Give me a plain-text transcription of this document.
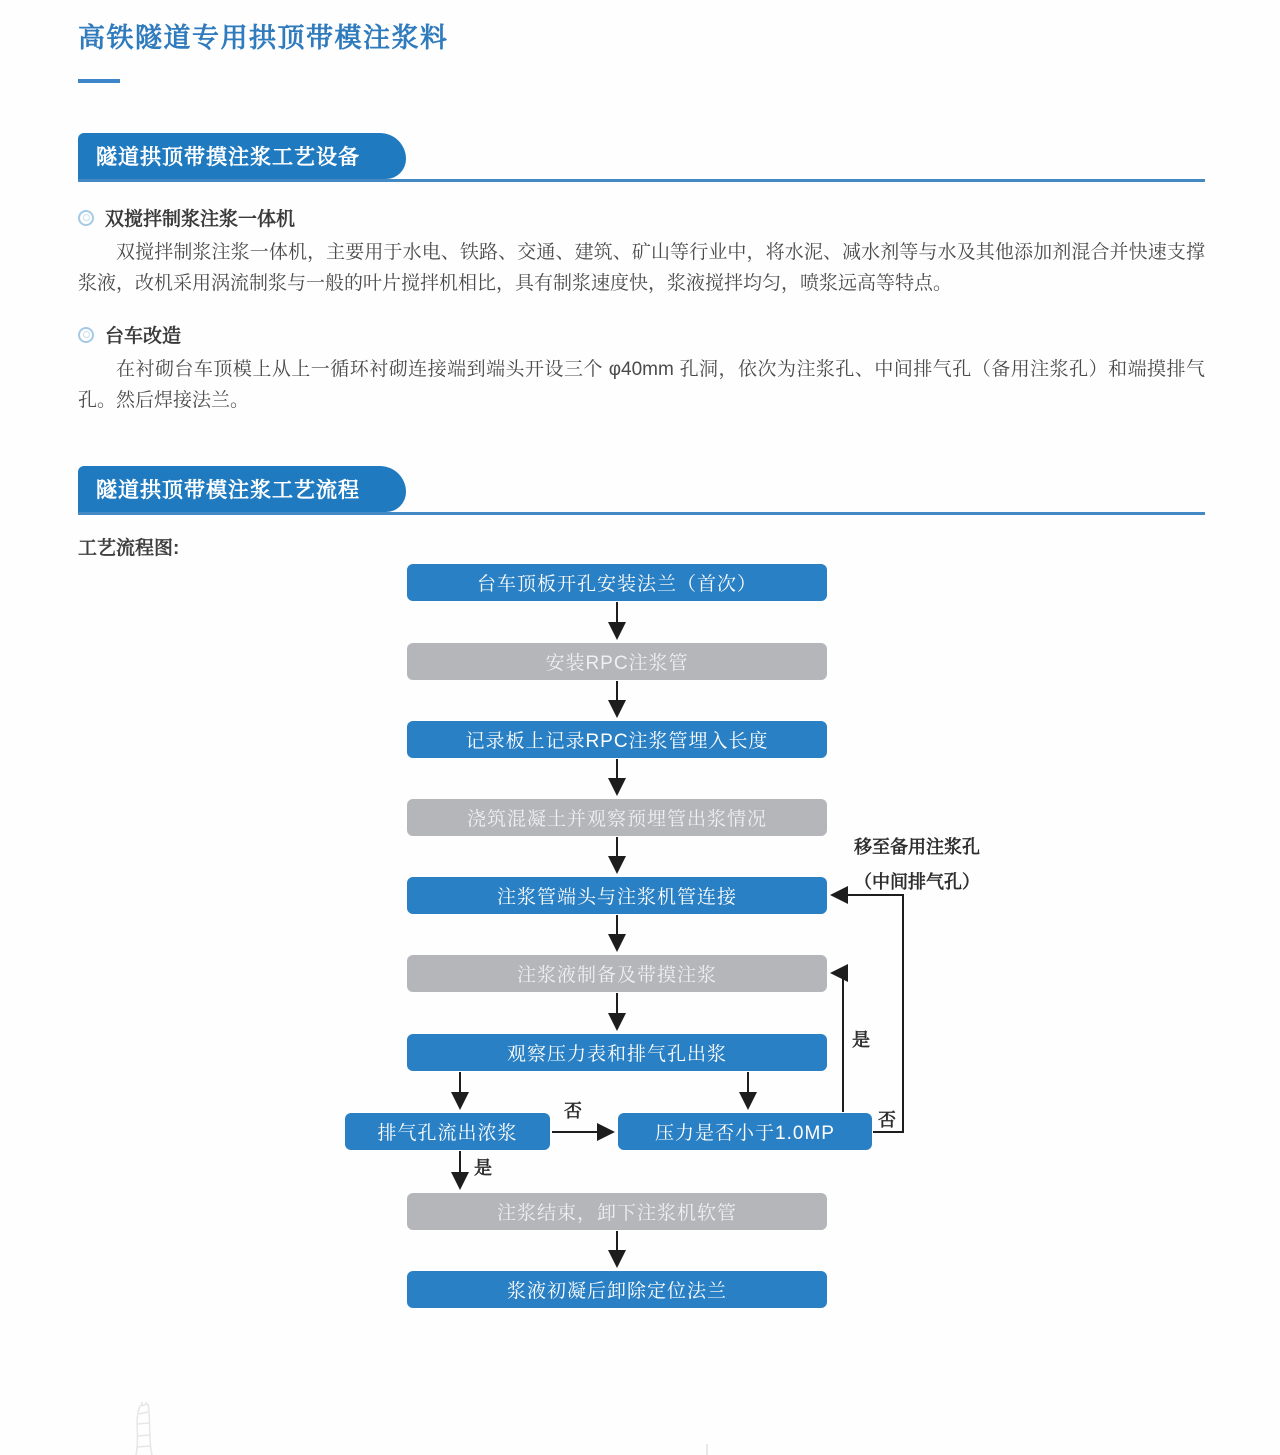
高铁隧道专用拱顶带模注浆料
隧道拱顶带摸注浆工艺设备
双搅拌制浆注浆一体机

双搅拌制浆注浆一体机，主要用于水电、铁路、交通、建筑、矿山等行业中，将水泥、减水剂等与水及其他添加剂混合并快速支撑浆液，改机采用涡流制浆与一般的叶片搅拌机相比，具有制浆速度快，浆液搅拌均匀，喷浆远高等特点。

台车改造

在衬砌台车顶模上从上一循环衬砌连接端到端头开设三个 φ40mm 孔洞，依次为注浆孔、中间排气孔（备用注浆孔）和端摸排气孔。然后焊接法兰。

隧道拱顶带模注浆工艺流程
工艺流程图:
台车顶板开孔安装法兰（首次）
安装RPC注浆管
记录板上记录RPC注浆管埋入长度
浇筑混凝土并观察预埋管出浆情况
注浆管端头与注浆机管连接
注浆液制备及带摸注浆
观察压力表和排气孔出浆
排气孔流出浓浆	压力是否小于1.0MP
注浆结束，卸下注浆机软管
浆液初凝后卸除定位法兰
否
是
是
否
移至备用注浆孔
（中间排气孔）
